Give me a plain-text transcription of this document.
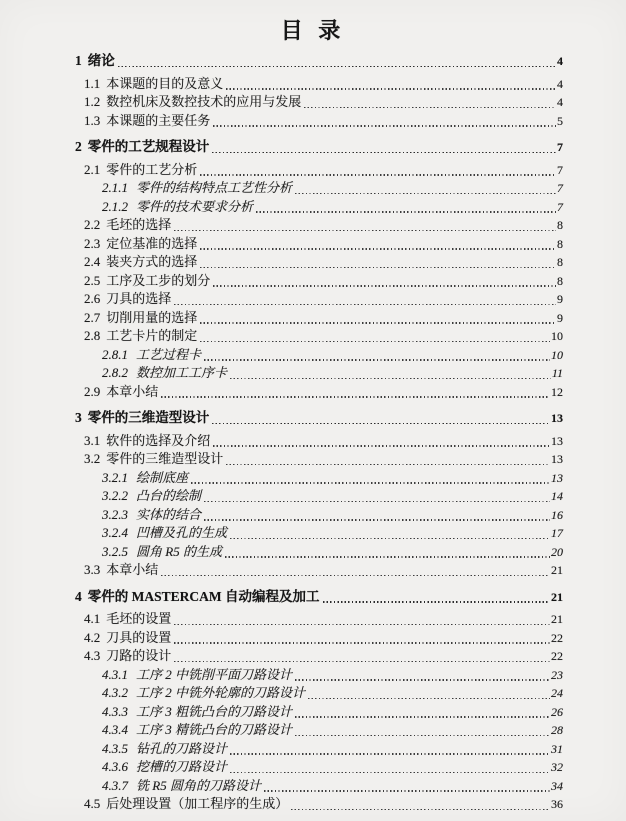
目 录
1 绪论	4
1.1 本课题的目的及意义	4
1.2 数控机床及数控技术的应用与发展	4
1.3 本课题的主要任务	5
2 零件的工艺规程设计	7
2.1 零件的工艺分析	7
2.1.1 零件的结构特点工艺性分析	7
2.1.2 零件的技术要求分析	7
2.2 毛坯的选择	8
2.3 定位基准的选择	8
2.4 装夹方式的选择	8
2.5 工序及工步的划分	8
2.6 刀具的选择	9
2.7 切削用量的选择	9
2.8 工艺卡片的制定	10
2.8.1 工艺过程卡	10
2.8.2 数控加工工序卡	11
2.9 本章小结	12
3 零件的三维造型设计	13
3.1 软件的选择及介绍	13
3.2 零件的三维造型设计	13
3.2.1 绘制底座	13
3.2.2 凸台的绘制	14
3.2.3 实体的结合	16
3.2.4 凹槽及孔的生成	17
3.2.5 圆角 R5 的生成	20
3.3 本章小结	21
4 零件的 MASTERCAM 自动编程及加工	21
4.1 毛坯的设置	21
4.2 刀具的设置	22
4.3 刀路的设计	22
4.3.1 工序 2 中铣削平面刀路设计	23
4.3.2 工序 2 中铣外轮廓的刀路设计	24
4.3.3 工序 3 粗铣凸台的刀路设计	26
4.3.4 工序 3 精铣凸台的刀路设计	28
4.3.5 钻孔的刀路设计	31
4.3.6 挖槽的刀路设计	32
4.3.7 铣 R5 圆角的刀路设计	34
4.5 后处理设置（加工程序的生成）	36
